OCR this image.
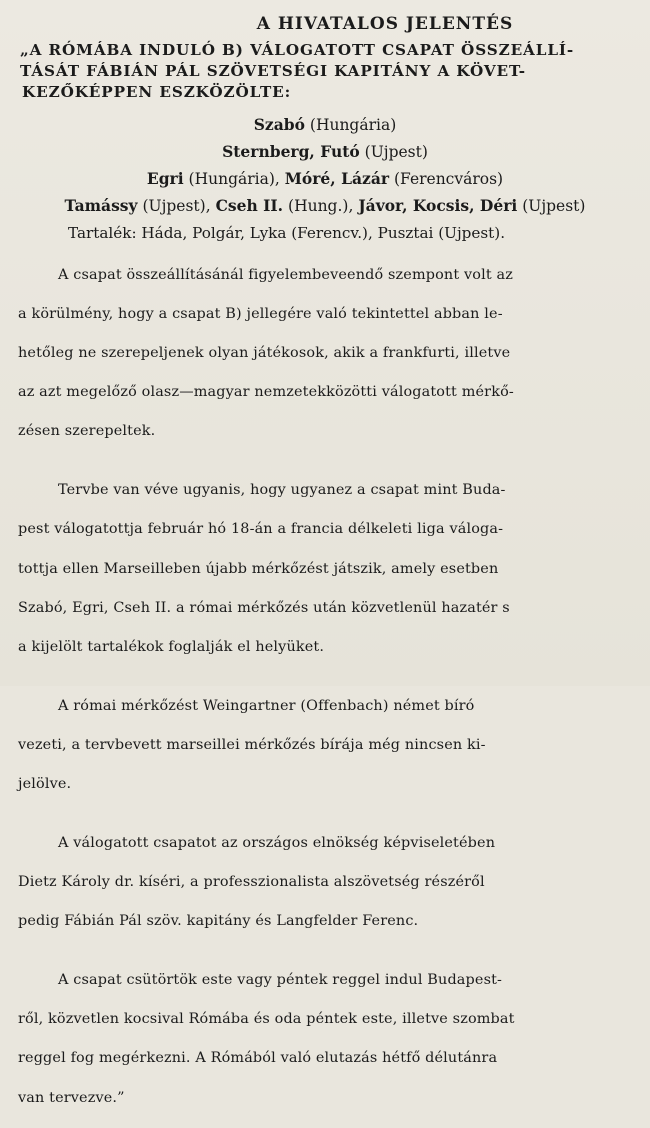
A HIVATALOS JELENTÉS
„A RÓMÁBA INDULÓ B) VÁLOGATOTT CSAPAT ÖSSZEÁLLÍ-
TÁSÁT FÁBIÁN PÁL SZÖVETSÉGI KAPITÁNY A KÖVET-
KEZŐKÉPPEN ESZKÖZÖLTE:
Szabó (Hungária)
Sternberg, Futó (Ujpest)
Egri (Hungária), Móré, Lázár (Ferencváros)
Tamássy (Ujpest), Cseh II. (Hung.), Jávor, Kocsis, Déri (Ujpest)
Tartalék: Háda, Polgár, Lyka (Ferencv.), Pusztai (Ujpest).

A csapat összeállításánál figyelembeveendő szempont volt az

a körülmény, hogy a csapat B) jellegére való tekintettel abban le-

hetőleg ne szerepeljenek olyan játékosok, akik a frankfurti, illetve

az azt megelőző olasz—magyar nemzetekközötti válogatott mérkő-

zésen szerepeltek.

Tervbe van véve ugyanis, hogy ugyanez a csapat mint Buda-

pest válogatottja február hó 18-án a francia délkeleti liga válogа-

tottja ellen Marseilleben újabb mérkőzést játszik, amely esetben

Szabó, Egri, Cseh II. a római mérkőzés után közvetlenül hazatér s

a kijelölt tartalékok foglalják el helyüket.

A római mérkőzést Weingartner (Offenbach) német bíró

vezeti, a tervbevett marseillei mérkőzés bírája még nincsen ki-

jelölve.

A válogatott csapatot az országos elnökség képviseletében

Dietz Károly dr. kíséri, a professzionalista alszövetség részéről

pedig Fábián Pál szöv. kapitány és Langfelder Ferenc.

A csapat csütörtök este vagy péntek reggel indul Budapest-

ről, közvetlen kocsival Rómába és oda péntek este, illetve szombat

reggel fog megérkezni. A Rómából való elutazás hétfő délutánra

van tervezve.”
